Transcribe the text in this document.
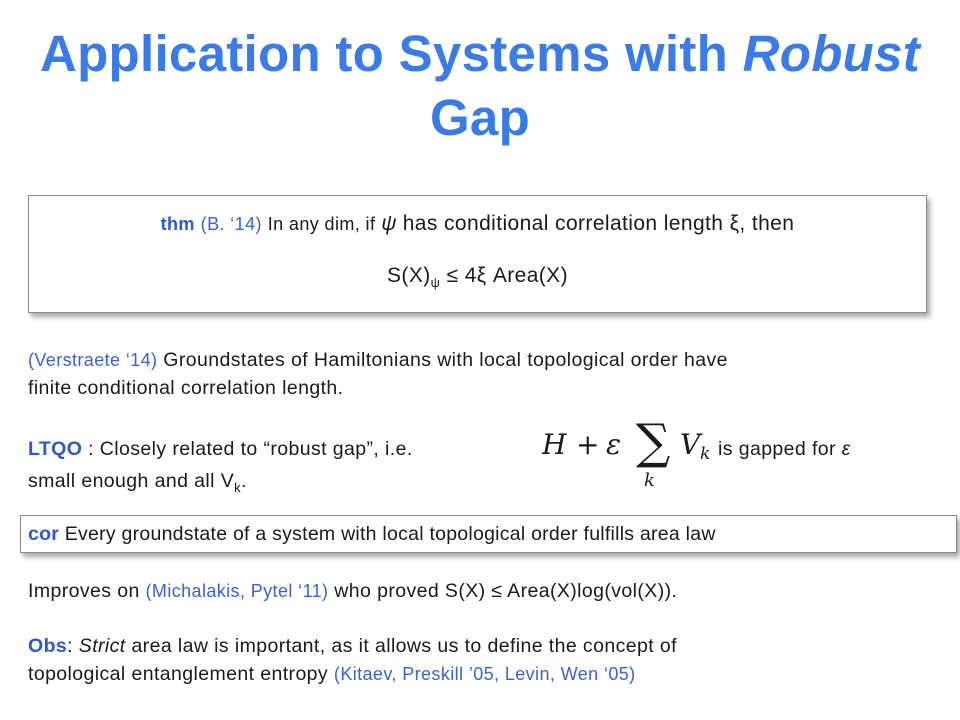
Application to Systems with Robust
Gap
thm (B. ‘14) In any dim, if ψ has conditional correlation length ξ, then
$S(X)_\psi \le 4\xi$ Area(X)
(Verstraete ‘14) Groundstates of Hamiltonians with local topological order have
finite conditional correlation length.
LTQO : Closely related to “robust gap”, i.e.	is gapped for ε
small enough and all $V_k$.
H + ε ∑
k
V k
cor Every groundstate of a system with local topological order fulfills area law
Improves on (Michalakis, Pytel ‘11) who proved S(X) ≤ Area(X)log(vol(X)).
Obs: Strict area law is important, as it allows us to define the concept of
topological entanglement entropy (Kitaev, Preskill ’05, Levin, Wen ‘05)
